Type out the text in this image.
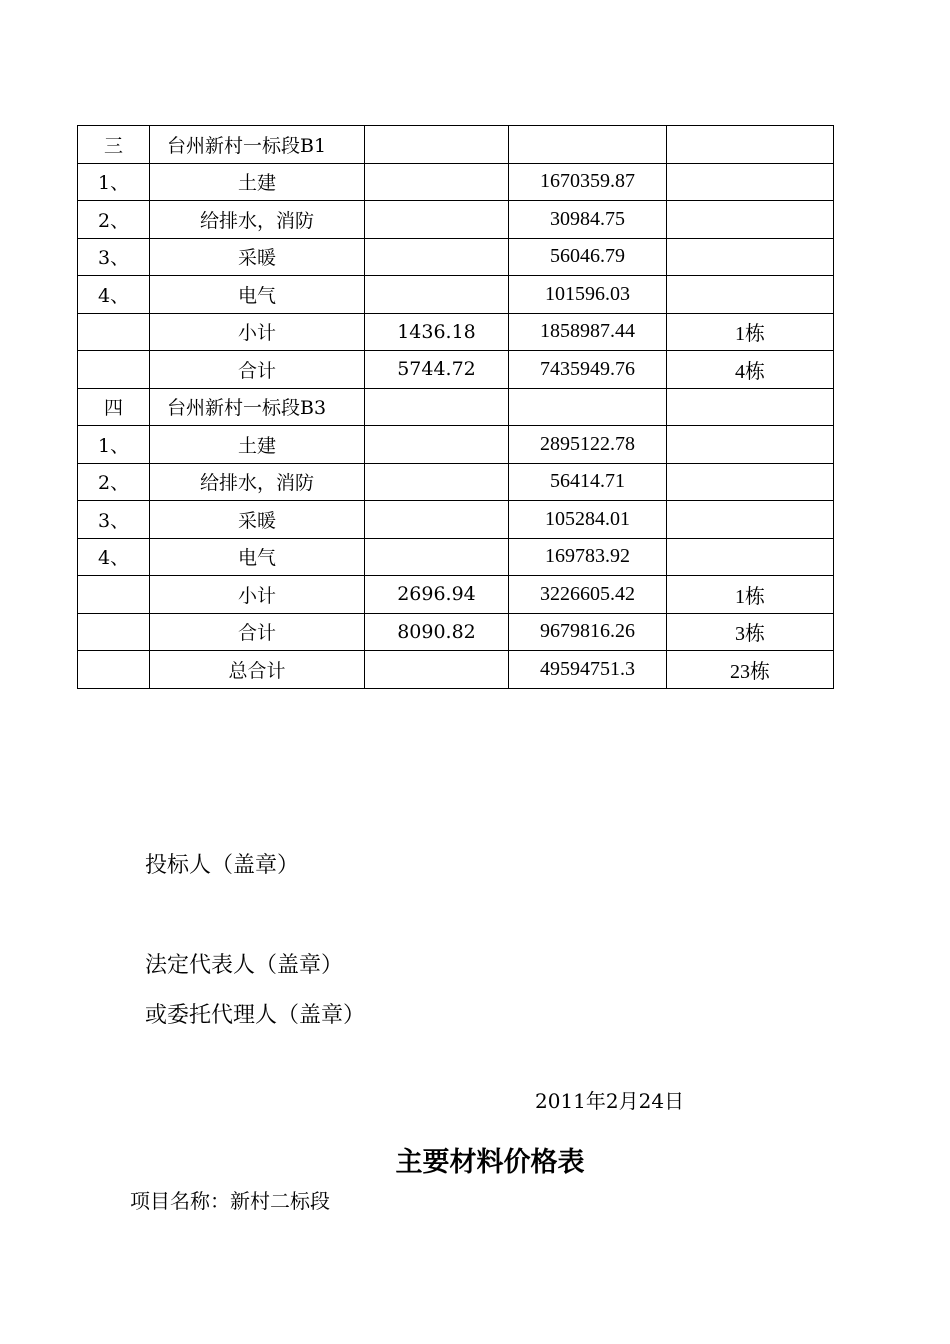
三	台州新村一标段B1			
1、	土建		1670359.87	
2、	给排水，消防		30984.75	
3、	采暖		56046.79	
4、	电气		101596.03	
	小计	1436.18	1858987.44	1栋
	合计	5744.72	7435949.76	4栋
四	台州新村一标段B3			
1、	土建		2895122.78	
2、	给排水，消防		56414.71	
3、	采暖		105284.01	
4、	电气		169783.92	
	小计	2696.94	3226605.42	1栋
	合计	8090.82	9679816.26	3栋
	总合计		49594751.3	23栋
投标人（盖章）
法定代表人（盖章）
或委托代理人（盖章）
2011年2月24日
主要材料价格表
项目名称：新村二标段
